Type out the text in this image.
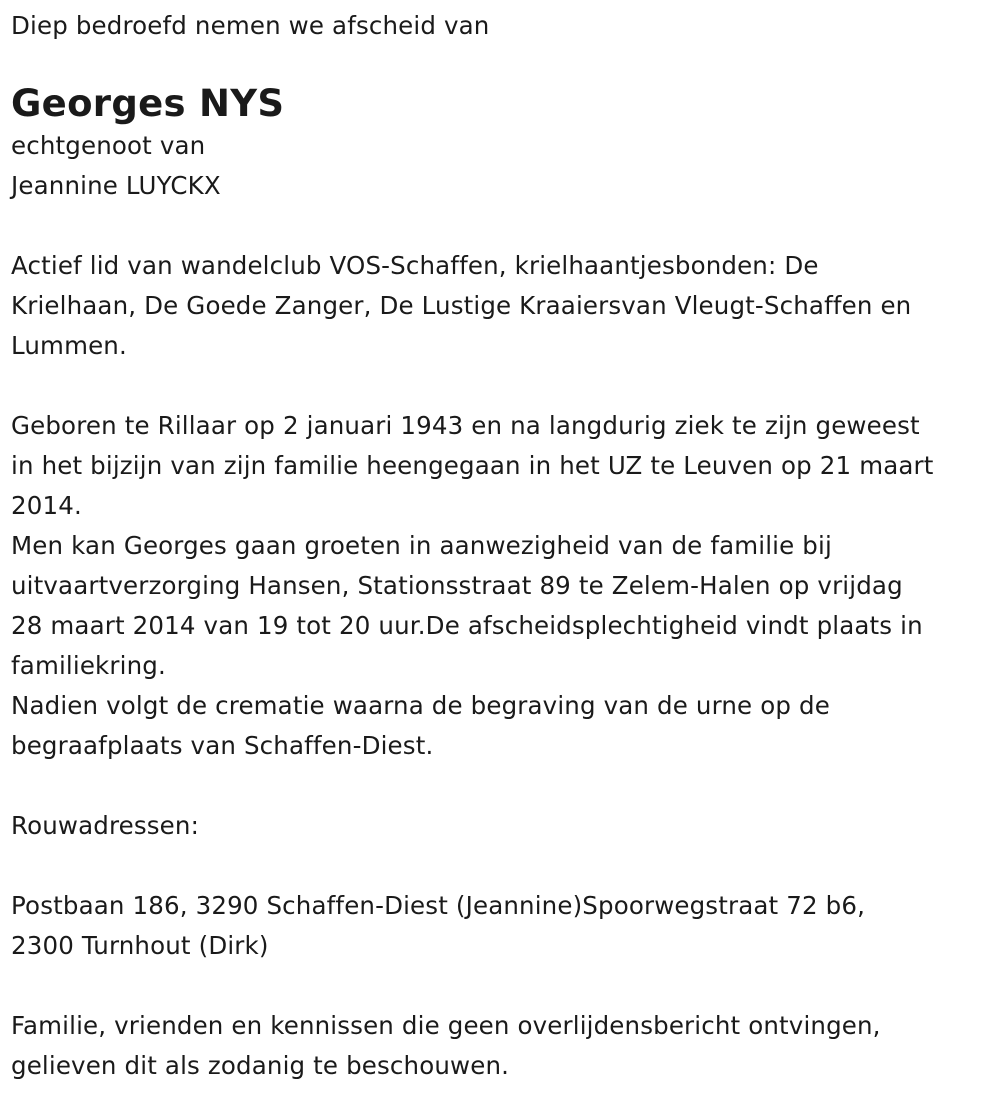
Diep bedroefd nemen we afscheid van

Georges NYS

echtgenoot van

Jeannine LUYCKX

Actief lid van wandelclub VOS-Schaffen, krielhaantjesbonden: De

Krielhaan, De Goede Zanger, De Lustige Kraaiersvan Vleugt-Schaffen en

Lummen.

Geboren te Rillaar op 2 januari 1943 en na langdurig ziek te zijn geweest

in het bijzijn van zijn familie heengegaan in het UZ te Leuven op 21 maart

2014.

Men kan Georges gaan groeten in aanwezigheid van de familie bij

uitvaartverzorging Hansen, Stationsstraat 89 te Zelem-Halen op vrijdag

28 maart 2014 van 19 tot 20 uur.De afscheidsplechtigheid vindt plaats in

familiekring.

Nadien volgt de crematie waarna de begraving van de urne op de

begraafplaats van Schaffen-Diest.

Rouwadressen:

Postbaan 186, 3290 Schaffen-Diest (Jeannine)Spoorwegstraat 72 b6,

2300 Turnhout (Dirk)

Familie, vrienden en kennissen die geen overlijdensbericht ontvingen,

gelieven dit als zodanig te beschouwen.
